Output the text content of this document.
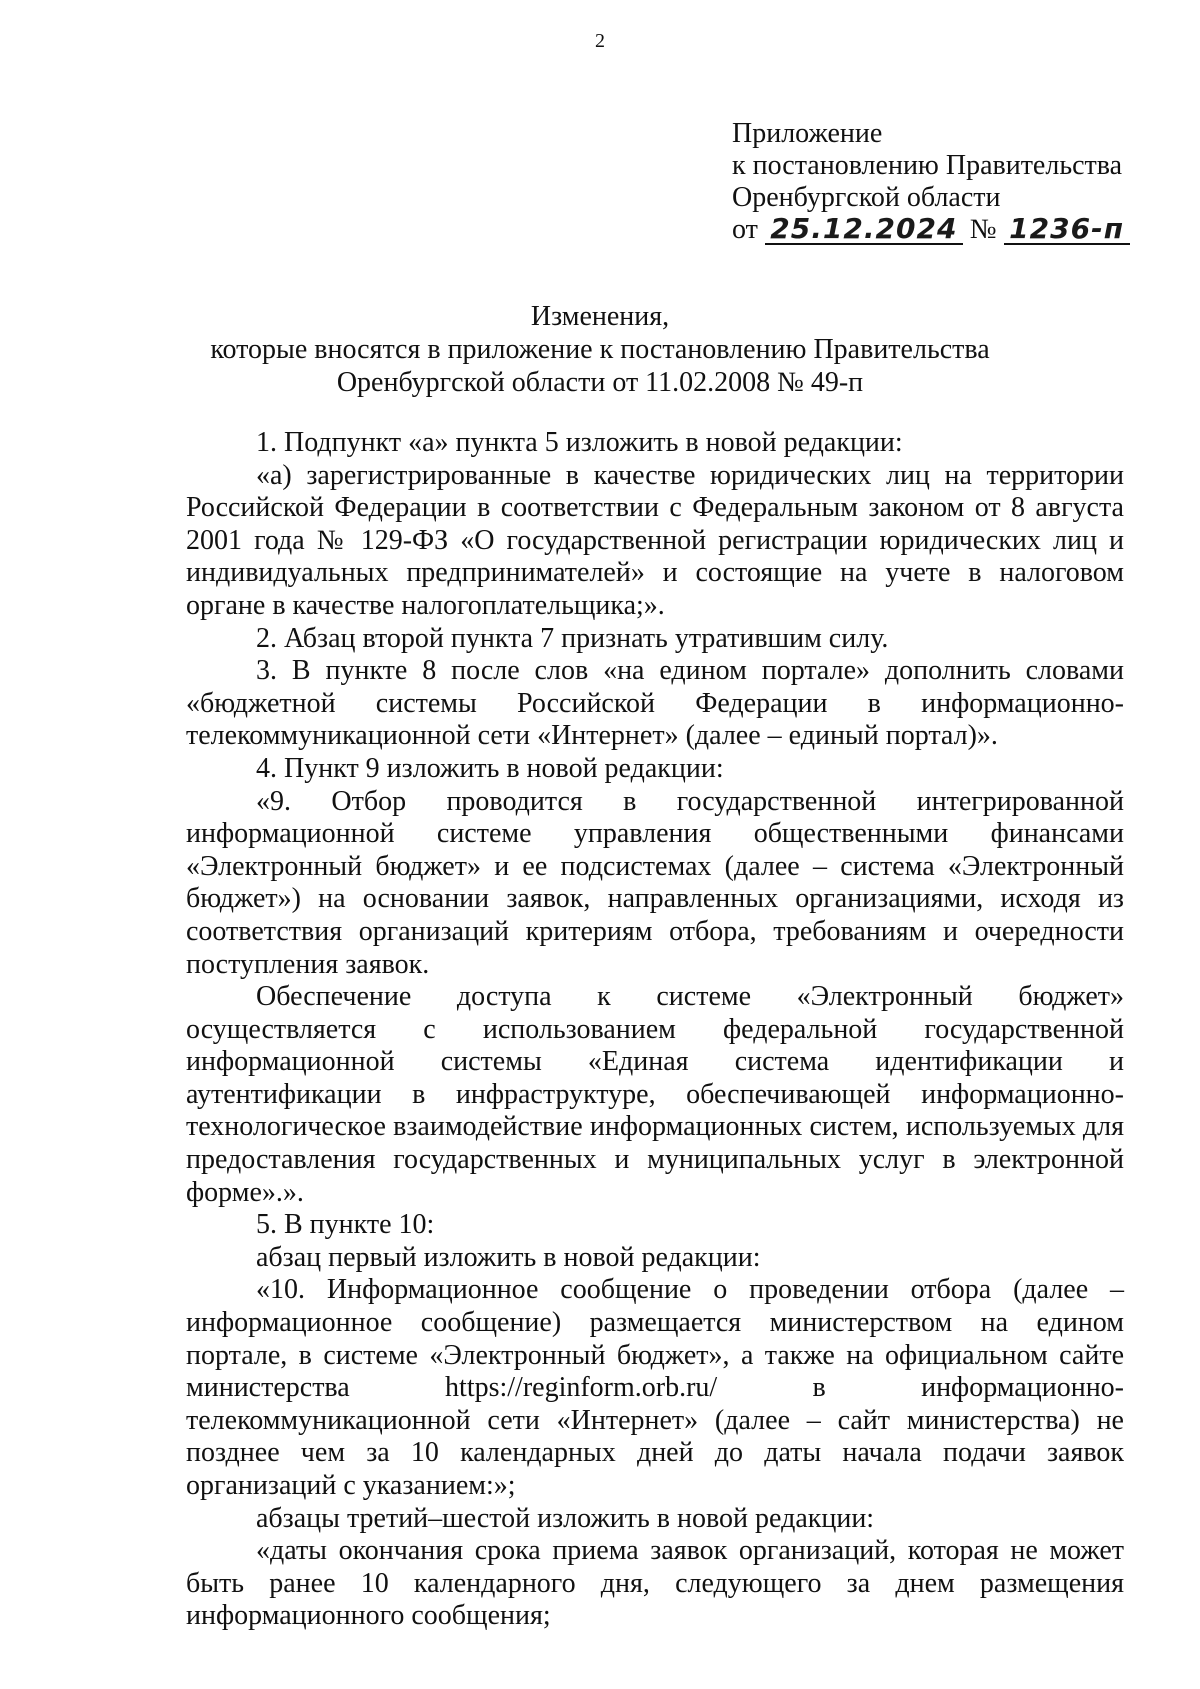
2
Приложение
к постановлению Правительства
Оренбургской области
от 25.12.2024 № 1236-п
Изменения,
которые вносятся в приложение к постановлению Правительства
Оренбургской области от 11.02.2008 № 49-п

1. Подпункт «а» пункта 5 изложить в новой редакции:

«а) зарегистрированные в качестве юридических лиц на территории Российской Федерации в соответствии с Федеральным законом от 8 августа 2001 года № 129-ФЗ «О государственной регистрации юридических лиц и индивидуальных предпринимателей» и состоящие на учете в налоговом органе в качестве налогоплательщика;».

2. Абзац второй пункта 7 признать утратившим силу.

3. В пункте 8 после слов «на едином портале» дополнить словами «бюджетной системы Российской Федерации в информационно-телекоммуникационной сети «Интернет» (далее – единый портал)».

4. Пункт 9 изложить в новой редакции:

«9. Отбор проводится в государственной интегрированной информационной системе управления общественными финансами «Электронный бюджет» и ее подсистемах (далее – система «Электронный бюджет») на основании заявок, направленных организациями, исходя из соответствия организаций критериям отбора, требованиям и очередности поступления заявок.

Обеспечение доступа к системе «Электронный бюджет» осуществляется с использованием федеральной государственной информационной системы «Единая система идентификации и аутентификации в инфраструктуре, обеспечивающей информационно-технологическое взаимодействие информационных систем, используемых для предоставления государственных и муниципальных услуг в электронной форме».».

5. В пункте 10:

абзац первый изложить в новой редакции:

«10. Информационное сообщение о проведении отбора (далее – информационное сообщение) размещается министерством на едином портале, в системе «Электронный бюджет», а также на официальном сайте министерства https://reginform.orb.ru/ в информационно-телекоммуникационной сети «Интернет» (далее – сайт министерства) не позднее чем за 10 календарных дней до даты начала подачи заявок организаций с указанием:»;

абзацы третий–шестой изложить в новой редакции:

«даты окончания срока приема заявок организаций, которая не может быть ранее 10 календарного дня, следующего за днем размещения информационного сообщения;
